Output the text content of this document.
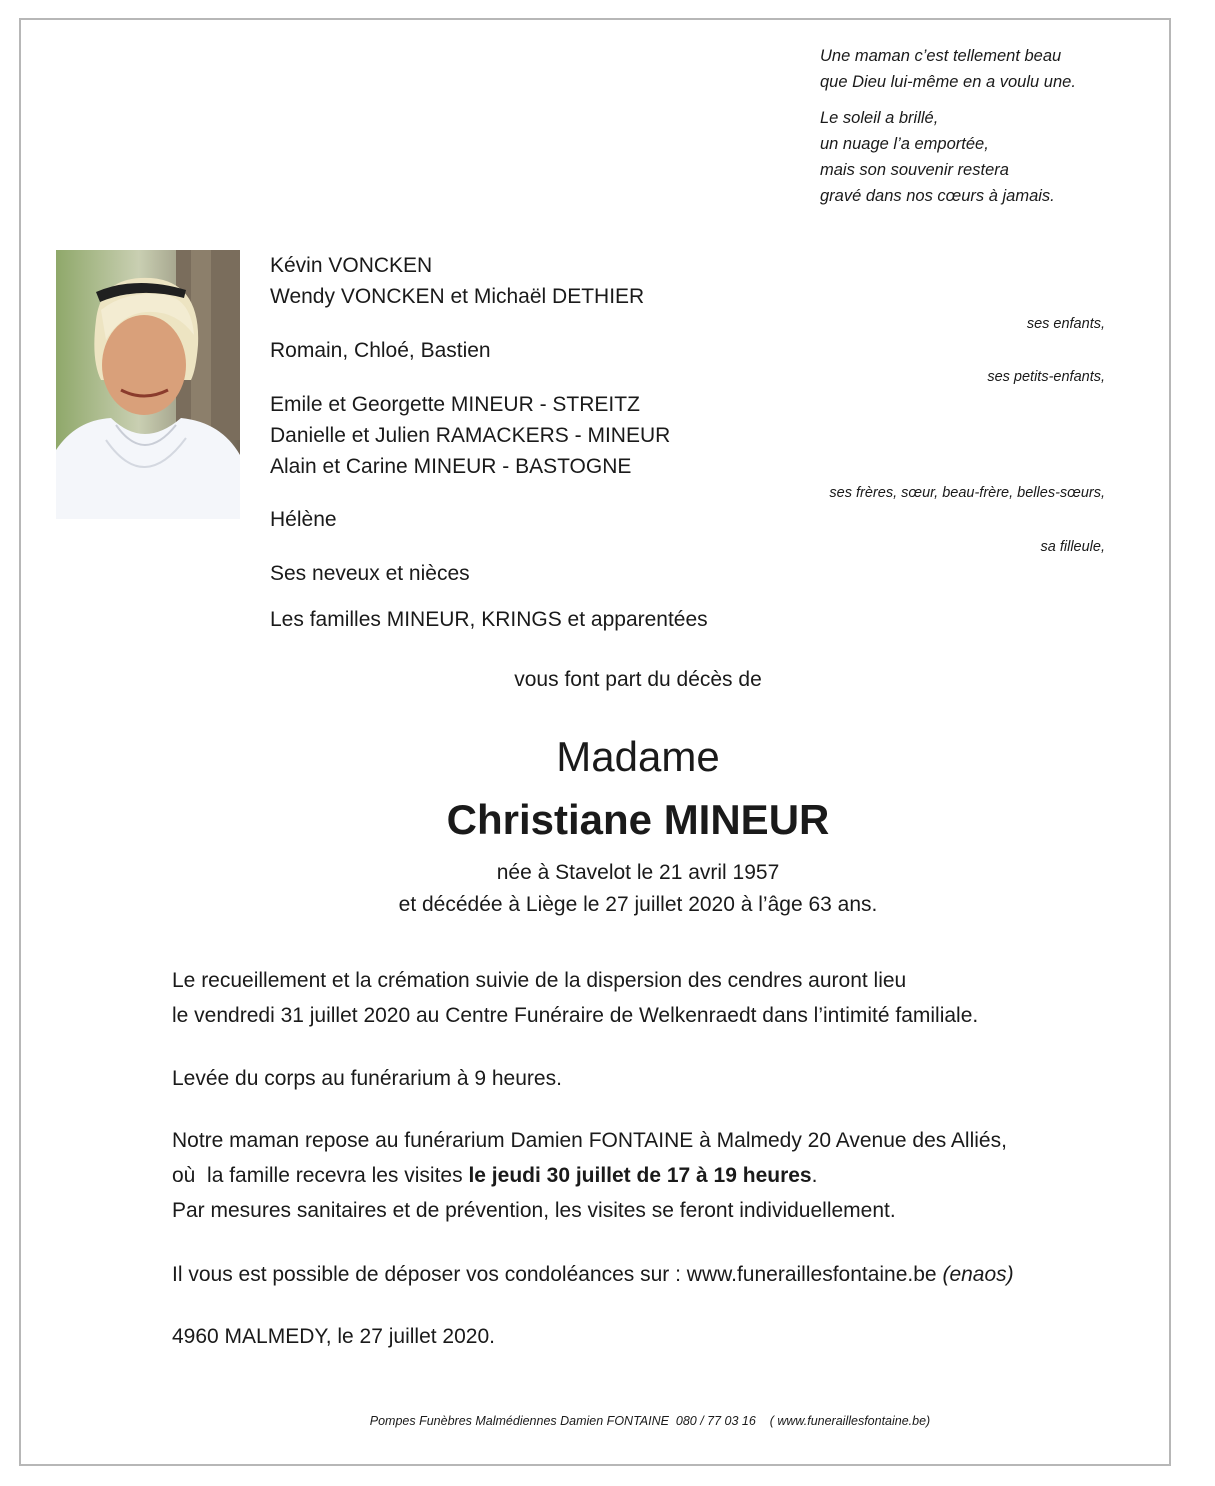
Une maman c’est tellement beau
que Dieu lui-même en a voulu une.
Le soleil a brillé,
un nuage l’a emportée,
mais son souvenir restera
gravé dans nos cœurs à jamais.
Kévin VONCKEN
Wendy VONCKEN et Michaël DETHIER
ses enfants,
Romain, Chloé, Bastien
ses petits-enfants,
Emile et Georgette MINEUR - STREITZ
Danielle et Julien RAMACKERS - MINEUR
Alain et Carine MINEUR - BASTOGNE
ses frères, sœur, beau-frère, belles-sœurs,
Hélène
sa filleule,
Ses neveux et nièces
Les familles MINEUR, KRINGS et apparentées
vous font part du décès de
Madame
Christiane MINEUR
née à Stavelot le 21 avril 1957
et décédée à Liège le 27 juillet 2020 à l’âge 63 ans.
Le recueillement et la crémation suivie de la dispersion des cendres auront lieu
le vendredi 31 juillet 2020 au Centre Funéraire de Welkenraedt dans l’intimité familiale.
Levée du corps au funérarium à 9 heures.
Notre maman repose au funérarium Damien FONTAINE à Malmedy 20 Avenue des Alliés,
où  la famille recevra les visites le jeudi 30 juillet de 17 à 19 heures.
Par mesures sanitaires et de prévention, les visites se feront individuellement.
Il vous est possible de déposer vos condoléances sur : www.funeraillesfontaine.be (enaos)
4960 MALMEDY, le 27 juillet 2020.
Pompes Funèbres Malmédiennes Damien FONTAINE  080 / 77 03 16    ( www.funeraillesfontaine.be)
